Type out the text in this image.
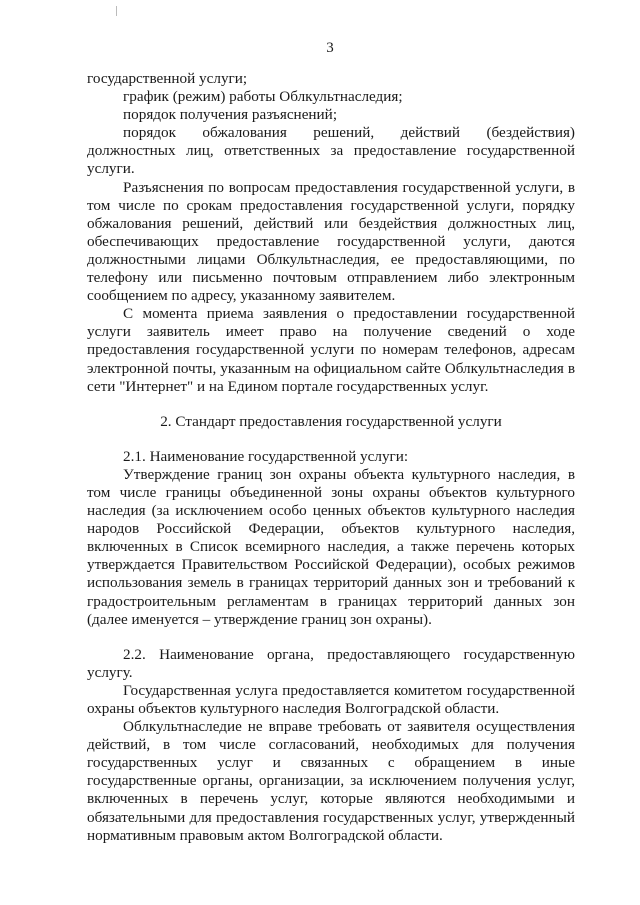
3

государственной услуги;

график (режим) работы Облкультнаследия;

порядок получения разъяснений;

порядок обжалования решений, действий (бездействия) должностных лиц, ответственных за предоставление государственной услуги.

Разъяснения по вопросам предоставления государственной услуги, в том числе по срокам предоставления государственной услуги, порядку обжалования решений, действий или бездействия должностных лиц, обеспечивающих предоставление государственной услуги, даются должностными лицами Облкультнаследия, ее предоставляющими, по телефону или письменно почтовым отправлением либо электронным сообщением по адресу, указанному заявителем.

С момента приема заявления о предоставлении государственной услуги заявитель имеет право на получение сведений о ходе предоставления государственной услуги по номерам телефонов, адресам электронной почты, указанным на официальном сайте Облкультнаследия в сети "Интернет" и на Едином портале государственных услуг.

2. Стандарт предоставления государственной услуги

2.1. Наименование государственной услуги:

Утверждение границ зон охраны объекта культурного наследия, в том числе границы объединенной зоны охраны объектов культурного наследия (за исключением особо ценных объектов культурного наследия народов Российской Федерации, объектов культурного наследия, включенных в Список всемирного наследия, а также перечень которых утверждается Правительством Российской Федерации), особых режимов использования земель в границах территорий данных зон и требований к градостроительным регламентам в границах территорий данных зон (далее именуется – утверждение границ зон охраны).

2.2. Наименование органа, предоставляющего государственную услугу.

Государственная услуга предоставляется комитетом государственной охраны объектов культурного наследия Волгоградской области.

Облкультнаследие не вправе требовать от заявителя осуществления действий, в том числе согласований, необходимых для получения государственных услуг и связанных с обращением в иные государственные органы, организации, за исключением получения услуг, включенных в перечень услуг, которые являются необходимыми и обязательными для предоставления государственных услуг, утвержденный нормативным правовым актом Волгоградской области.
